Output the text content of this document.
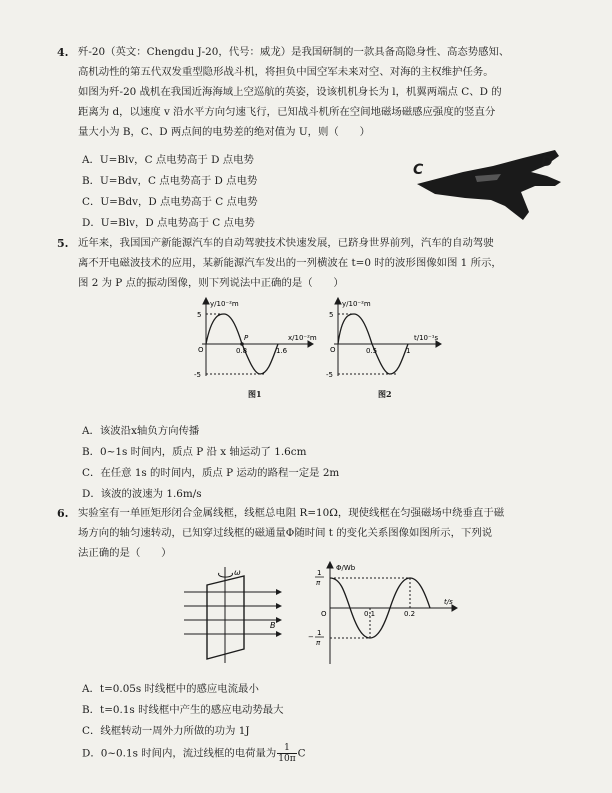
4. 歼-20（英文：Chengdu J-20，代号：威龙）是我国研制的一款具备高隐身性、高态势感知、
高机动性的第五代双发重型隐形战斗机，将担负中国空军未来对空、对海的主权维护任务。
如图为歼-20 战机在我国近海海域上空巡航的英姿，设该机机身长为 l，机翼两端点 C、D 的
距离为 d，以速度 v 沿水平方向匀速飞行，已知战斗机所在空间地磁场磁感应强度的竖直分
量大小为 B，C、D 两点间的电势差的绝对值为 U，则（　　）
A．U=Blv，C 点电势高于 D 点电势
B．U=Bdv，C 点电势高于 D 点电势
C．U=Bdv，D 点电势高于 C 点电势
D．U=Blv，D 点电势高于 C 点电势
C	D
5. 近年来，我国国产新能源汽车的自动驾驶技术快速发展，已跻身世界前列，汽车的自动驾驶
离不开电磁波技术的应用，某新能源汽车发出的一列横波在 t=0 时的波形图像如图 1 所示，
图 2 为 P 点的振动图像，则下列说法中正确的是（　　）
y/10⁻²m
x/10⁻²m
5
-5
O	0.8	1.6
P
图1
y/10⁻²m
t/10⁻¹s
5
-5
O	0.5	1
图2
A．该波沿x轴负方向传播
B．0~1s 时间内，质点 P 沿 x 轴运动了 1.6cm
C．在任意 1s 的时间内，质点 P 运动的路程一定是 2m
D．该波的波速为 1.6m/s
6. 实验室有一单匝矩形闭合金属线框，线框总电阻 R=10Ω，现使线框在匀强磁场中绕垂直于磁
场方向的轴匀速转动，已知穿过线框的磁通量Φ随时间 t 的变化关系图像如图所示，下列说
法正确的是（　　）
ω
B
Φ/Wb
t/s
1
π
− 1
π
O	0.1	0.2
A．t=0.05s 时线框中的感应电流最小
B．t=0.1s 时线框中产生的感应电动势最大
C．线框转动一周外力所做的功为 1J
D．0~0.1s 时间内，流过线框的电荷量为 $\frac{1}{10\pi}$ C
